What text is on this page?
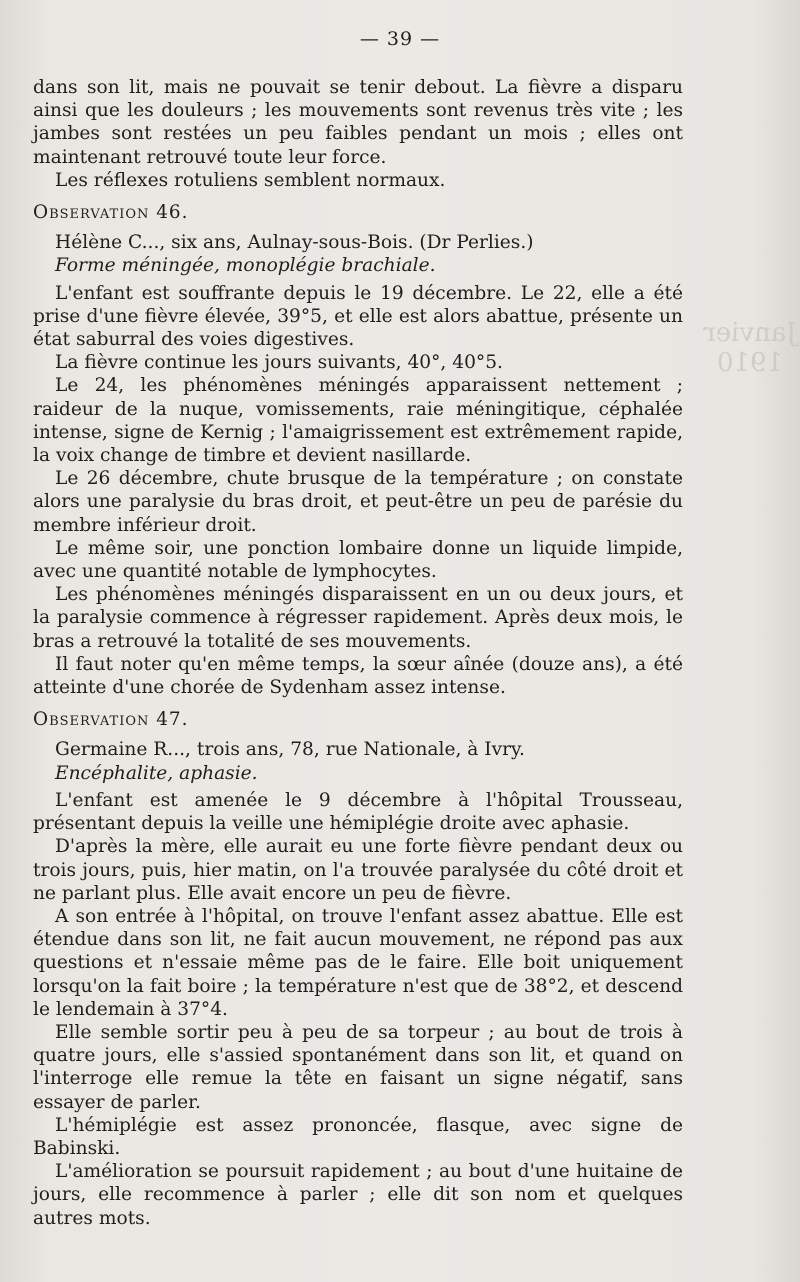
— 39 —
Janvier
1910

dans son lit, mais ne pouvait se tenir debout. La fièvre a disparu ainsi que les douleurs ; les mouvements sont revenus très vite ; les jambes sont restées un peu faibles pendant un mois ; elles ont maintenant retrouvé toute leur force.

Les réflexes rotuliens semblent normaux.

Observation 46.

Hélène C..., six ans, Aulnay-sous-Bois. (Dr Perlies.)

Forme méningée, monoplégie brachiale.

L'enfant est souffrante depuis le 19 décembre. Le 22, elle a été prise d'une fièvre élevée, 39°5, et elle est alors abattue, présente un état saburral des voies digestives.

La fièvre continue les jours suivants, 40°, 40°5.

Le 24, les phénomènes méningés apparaissent nettement ; raideur de la nuque, vomissements, raie méningitique, céphalée intense, signe de Kernig ; l'amaigrissement est extrêmement rapide, la voix change de timbre et devient nasillarde.

Le 26 décembre, chute brusque de la température ; on constate alors une paralysie du bras droit, et peut-être un peu de parésie du membre inférieur droit.

Le même soir, une ponction lombaire donne un liquide limpide, avec une quantité notable de lymphocytes.

Les phénomènes méningés disparaissent en un ou deux jours, et la paralysie commence à régresser rapidement. Après deux mois, le bras a retrouvé la totalité de ses mouvements.

Il faut noter qu'en même temps, la sœur aînée (douze ans), a été atteinte d'une chorée de Sydenham assez intense.

Observation 47.

Germaine R..., trois ans, 78, rue Nationale, à Ivry.

Encéphalite, aphasie.

L'enfant est amenée le 9 décembre à l'hôpital Trousseau, présentant depuis la veille une hémiplégie droite avec aphasie.

D'après la mère, elle aurait eu une forte fièvre pendant deux ou trois jours, puis, hier matin, on l'a trouvée paralysée du côté droit et ne parlant plus. Elle avait encore un peu de fièvre.

A son entrée à l'hôpital, on trouve l'enfant assez abattue. Elle est étendue dans son lit, ne fait aucun mouvement, ne répond pas aux questions et n'essaie même pas de le faire. Elle boit uniquement lorsqu'on la fait boire ; la température n'est que de 38°2, et descend le lendemain à 37°4.

Elle semble sortir peu à peu de sa torpeur ; au bout de trois à quatre jours, elle s'assied spontanément dans son lit, et quand on l'interroge elle remue la tête en faisant un signe négatif, sans essayer de parler.

L'hémiplégie est assez prononcée, flasque, avec signe de Babinski.

L'amélioration se poursuit rapidement ; au bout d'une huitaine de jours, elle recommence à parler ; elle dit son nom et quelques autres mots.
